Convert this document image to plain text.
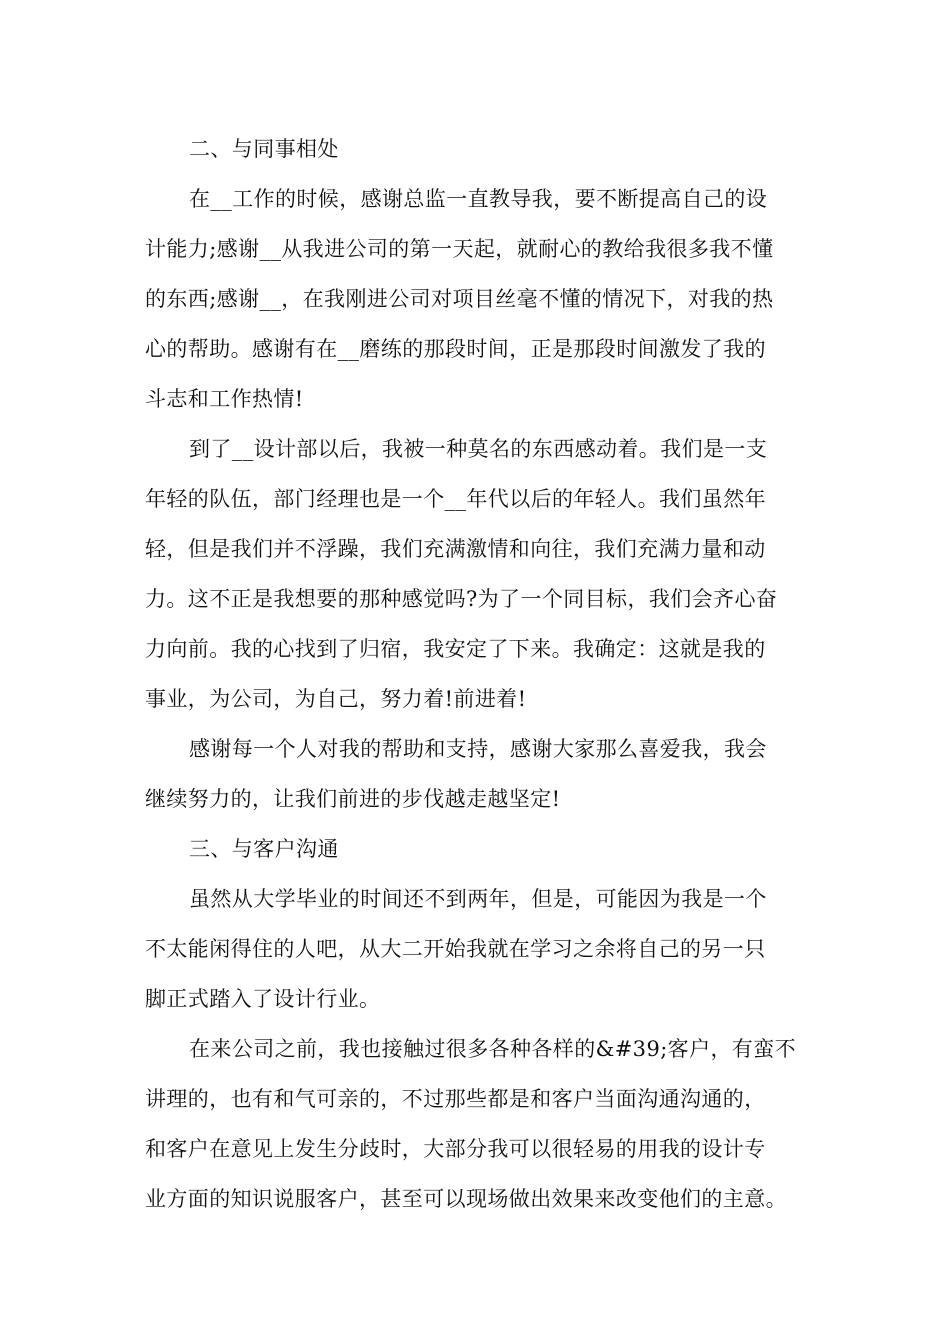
二、与同事相处
在__工作的时候，感谢总监一直教导我，要不断提高自己的设
计能力;感谢__从我进公司的第一天起，就耐心的教给我很多我不懂
的东西;感谢__，在我刚进公司对项目丝毫不懂的情况下，对我的热
心的帮助。感谢有在__磨练的那段时间，正是那段时间激发了我的
斗志和工作热情!
到了__设计部以后，我被一种莫名的东西感动着。我们是一支
年轻的队伍，部门经理也是一个__年代以后的年轻人。我们虽然年
轻，但是我们并不浮躁，我们充满激情和向往，我们充满力量和动
力。这不正是我想要的那种感觉吗?为了一个同目标，我们会齐心奋
力向前。我的心找到了归宿，我安定了下来。我确定：这就是我的
事业，为公司，为自己，努力着!前进着!
感谢每一个人对我的帮助和支持，感谢大家那么喜爱我，我会
继续努力的，让我们前进的步伐越走越坚定!
三、与客户沟通
虽然从大学毕业的时间还不到两年，但是，可能因为我是一个
不太能闲得住的人吧，从大二开始我就在学习之余将自己的另一只
脚正式踏入了设计行业。
在来公司之前，我也接触过很多各种各样的&#39;客户，有蛮不
讲理的，也有和气可亲的，不过那些都是和客户当面沟通沟通的，
和客户在意见上发生分歧时，大部分我可以很轻易的用我的设计专
业方面的知识说服客户，甚至可以现场做出效果来改变他们的主意。
